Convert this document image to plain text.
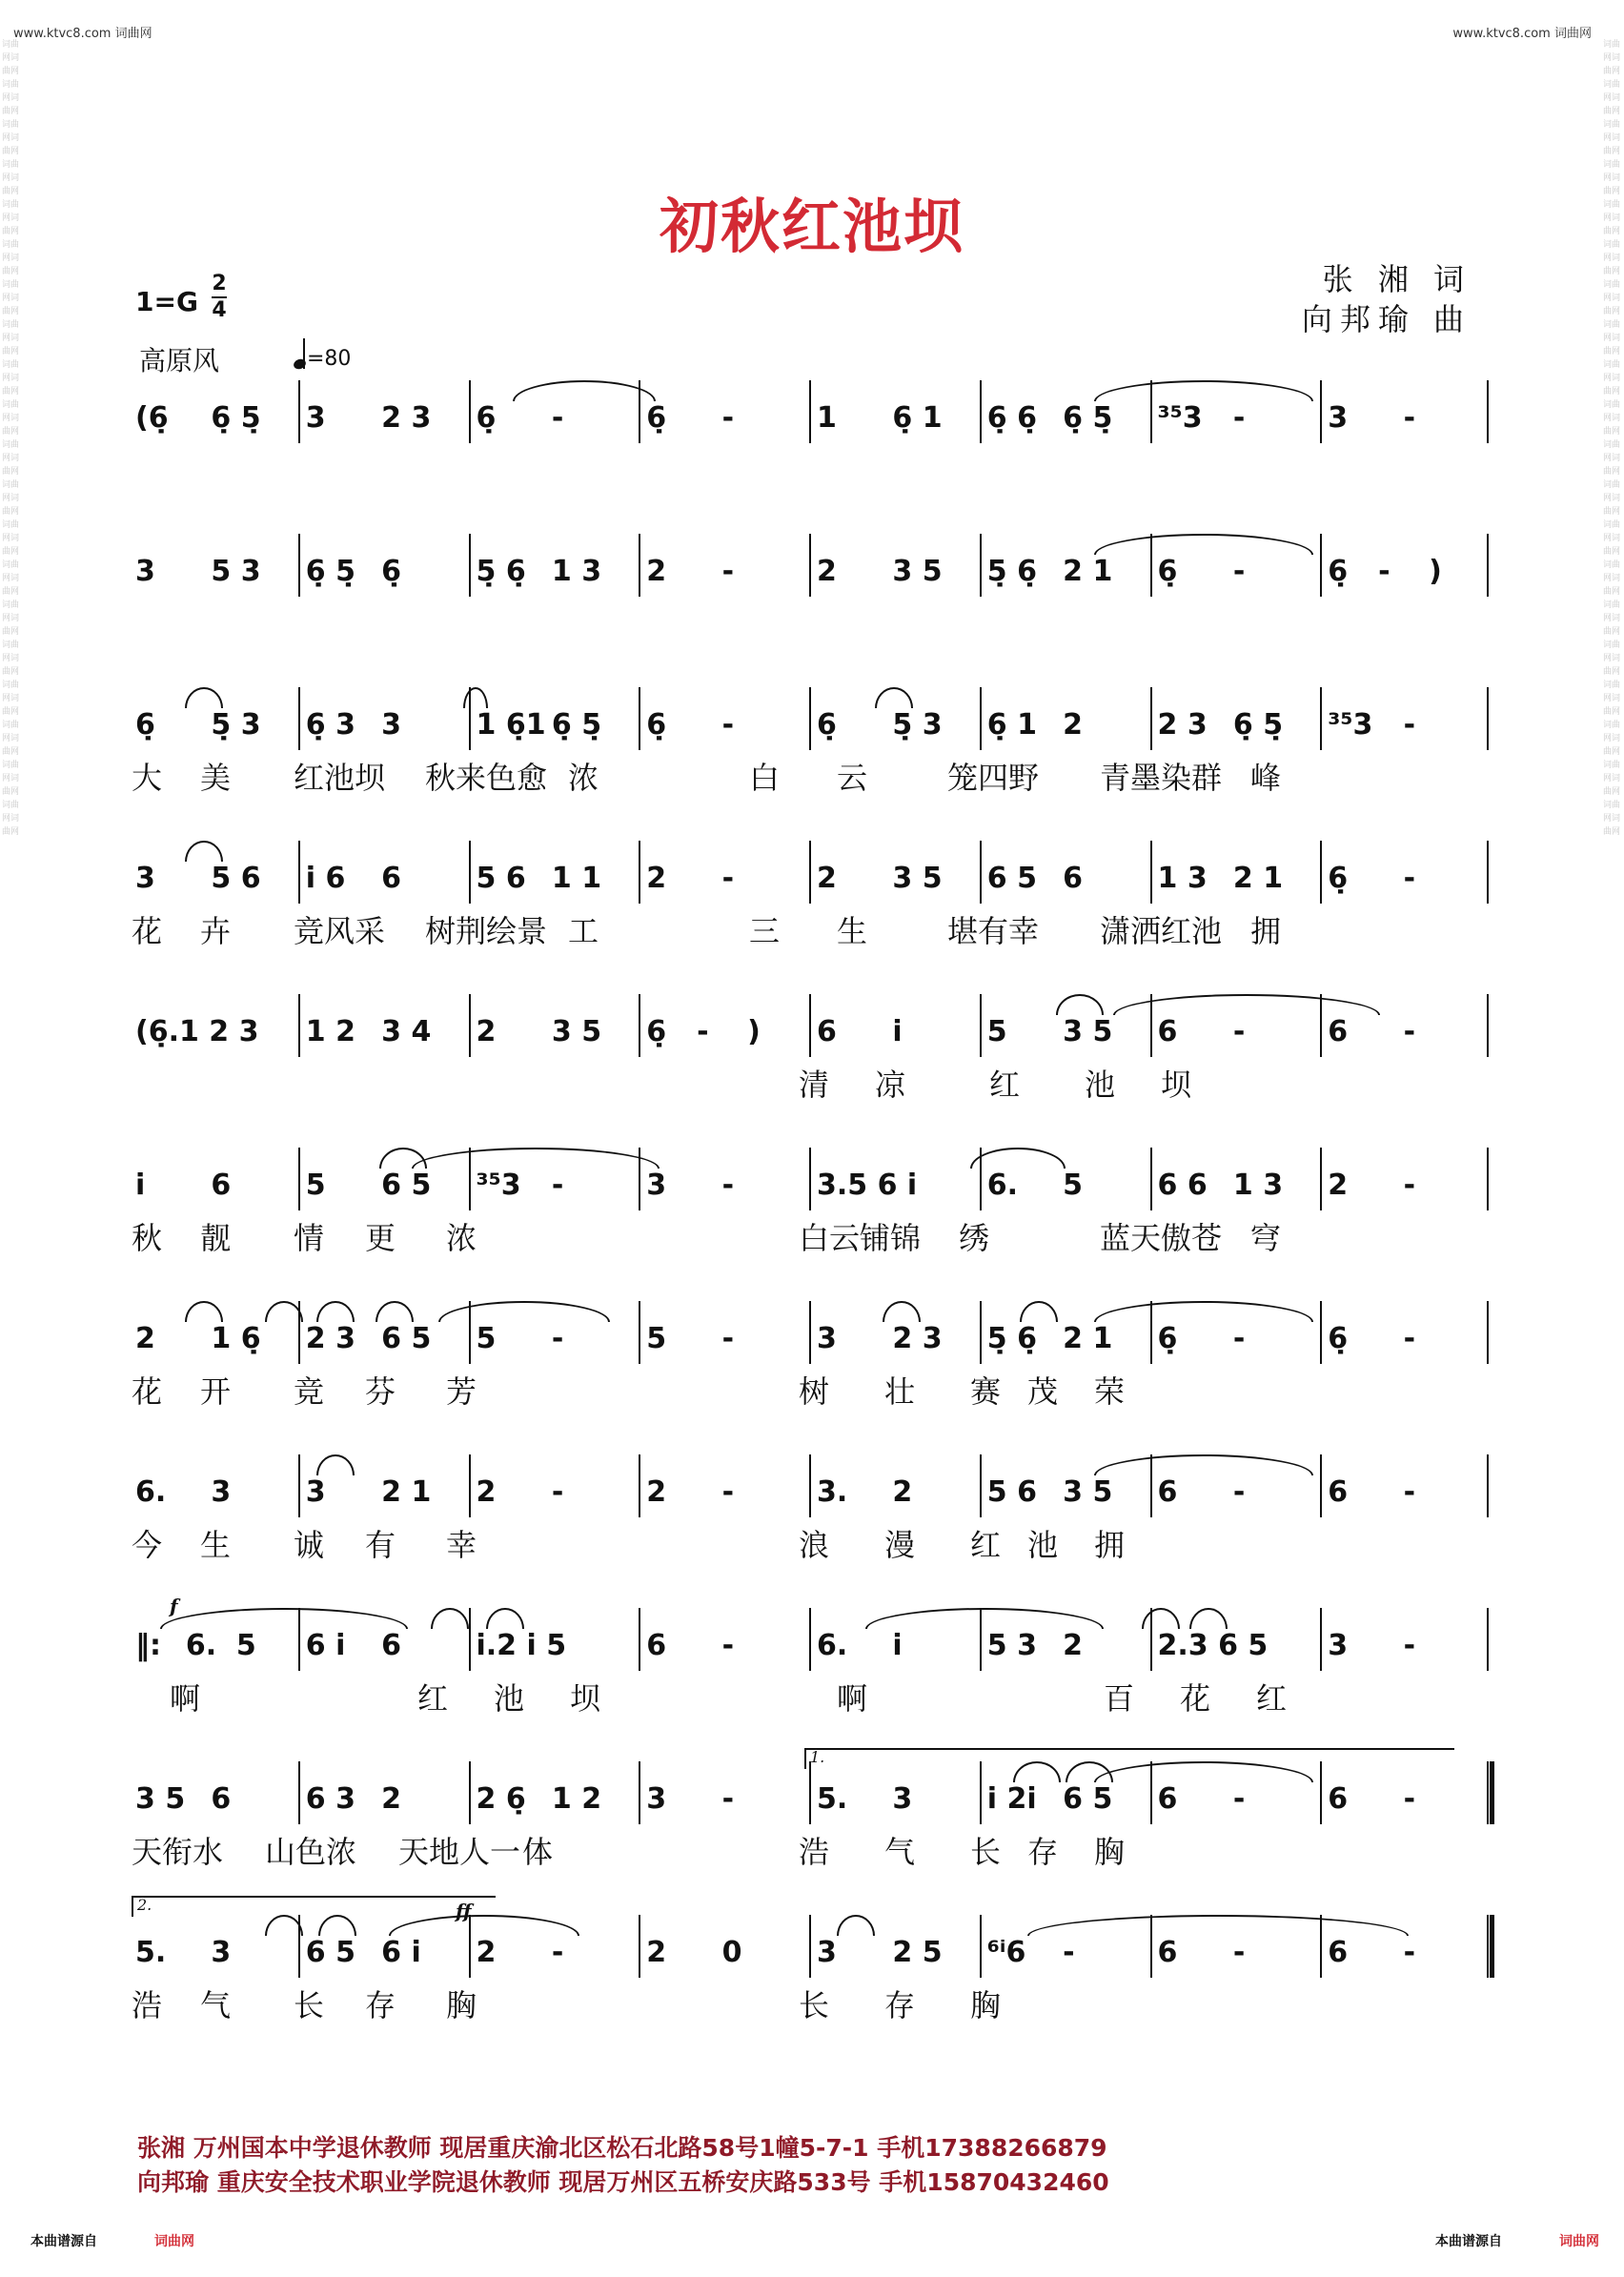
词曲网词曲网词曲网词曲网词曲网词曲网词曲网词曲网词曲网词曲网词曲网词曲网词曲网词曲网词曲网词曲网词曲网词曲网词曲网词曲网词曲网词曲网词曲网词曲网词曲网词曲网词曲网词曲网词曲网词曲网词曲网词曲网词曲网词曲网词曲网词曲网词曲网词曲网词曲网词曲网
词曲网词曲网词曲网词曲网词曲网词曲网词曲网词曲网词曲网词曲网词曲网词曲网词曲网词曲网词曲网词曲网词曲网词曲网词曲网词曲网词曲网词曲网词曲网词曲网词曲网词曲网词曲网词曲网词曲网词曲网词曲网词曲网词曲网词曲网词曲网词曲网词曲网词曲网词曲网词曲网
www.ktvc8.com 词曲网	www.ktvc8.com 词曲网
初秋红池坝
1=G
2
4
高原风	=80
张 湘 词
向邦瑜 曲
(6̣ 6̣ 5̣ 3 2 3 6̣ -	6̣ -	1 6̣ 1 6̣ 6̣ 6̣ 5̣ ³⁵3 -	3 -
3 5 3 6̣ 5̣ 6̣	5̣ 6̣ 1 3 2 -	2 3 5 5̣ 6̣ 2 1 6̣ -	6̣ - )
6̣ 5̣ 3 6̣ 3 3	1 6̣1 6̣ 5̣ 6̣ -	6̣ 5̣ 3 6̣ 1 2	2 3 6̣ 5̣ ³⁵3 -
大 美 红池坝 秋来色愈 浓	白 云	笼四野 青墨染群 峰
3 5 6 i 6 6	5 6 1 1 2 -	2 3 5 6 5 6	1 3 2 1 6̣ -
花 卉 竞风采 树荆绘景 工	三 生	堪有幸 潇洒红池 拥
(6̣.1 2 3 1 2 3 4 2 3 5 6̣ - ) 6 i	5 3 5 6 -	6 -
清 凉	红 池 坝
i 6	5 6 5 ³⁵3 -	3 -	3.5 6 i 6. 5	6 6 1 3 2 -
秋 靓 情 更 浓	白云铺锦 绣	蓝天傲苍 穹
2 1 6̣ 2 3 6 5 5 -	5 -	3 2 3 5̣ 6̣ 2 1 6̣ -	6̣ -
花 开 竞 芬 芳	树 壮 赛 茂 荣
6. 3	3 2 1 2 -	2 -	3. 2	5 6 3 5 6 -	6 -
今 生 诚 有 幸	浪 漫 红 池 拥
‖: 6. 5 6 i 6	i.2 i 5	6 -	6. i	5 3 2	2.3 6 5 3 -
啊	红 池 坝	啊	百 花 红
f
3 5 6	6 3 2	2 6̣ 1 2 3 -	5. 3	i 2i 6 5 6 -	6 -
天衔水 山色浓 天地人一 体	浩 气 长 存 胸
1.
5. 3	6 5 6 i 2 -	2 0	3 2 5 ⁶ⁱ6 -	6 -	6 -
浩 气 长 存 胸	长 存 胸
2.	ff
张湘 万州国本中学退休教师 现居重庆渝北区松石北路58号1幢5-7-1 手机17388266879
向邦瑜 重庆安全技术职业学院退休教师 现居万州区五桥安庆路533号 手机15870432460
本曲谱源自	词曲网	本曲谱源自	词曲网
